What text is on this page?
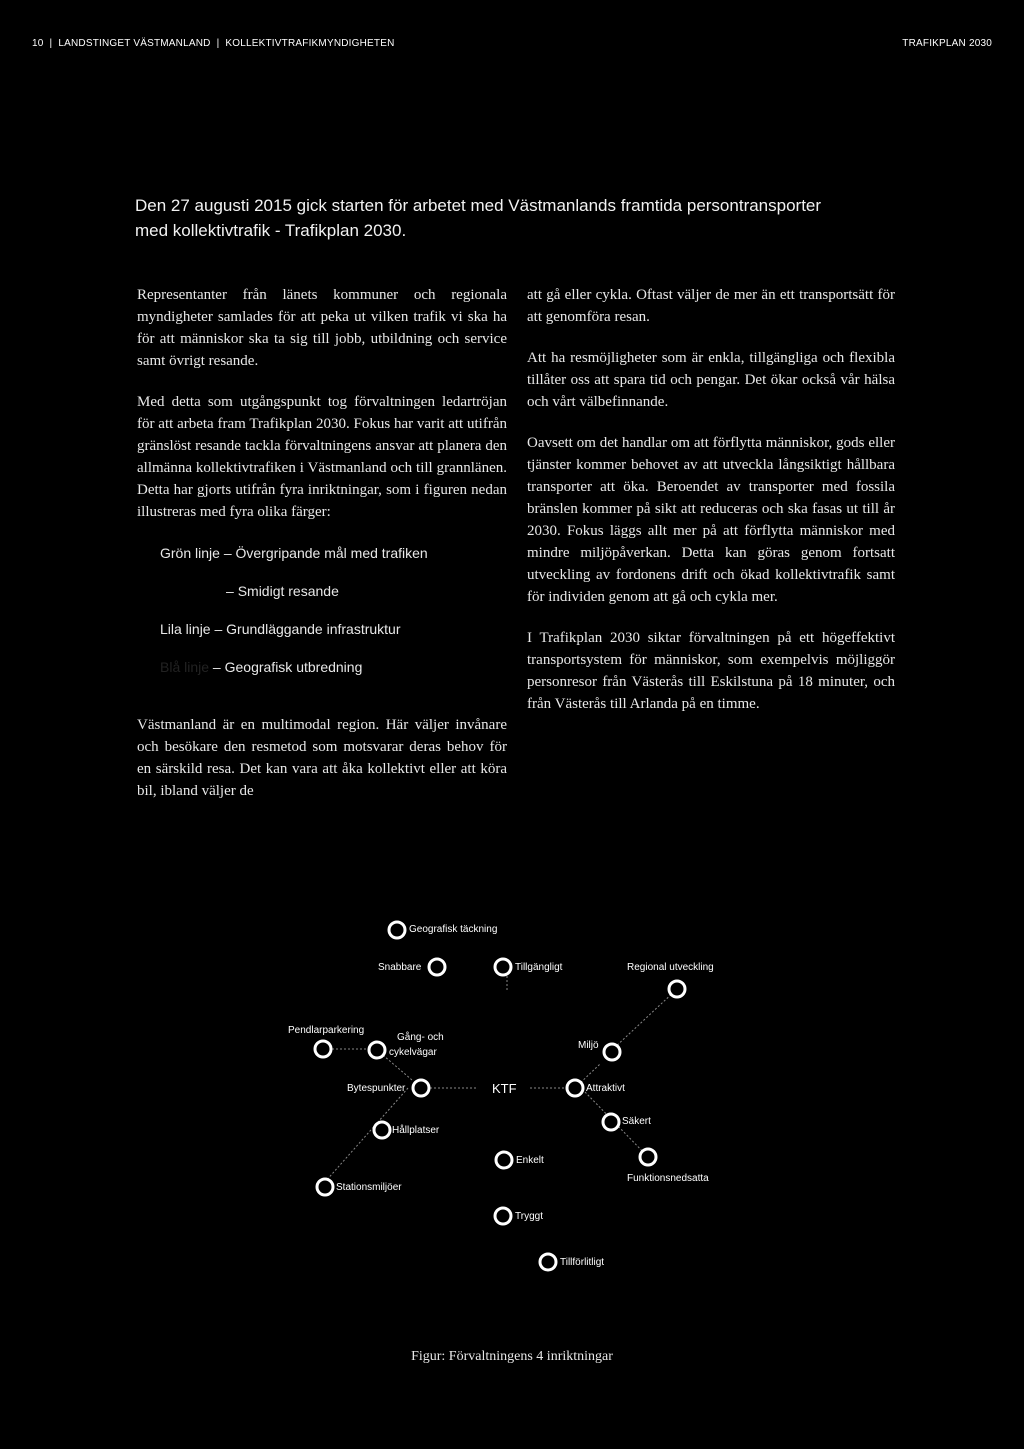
10 | LANDSTINGET VÄSTMANLAND | KOLLEKTIVTRAFIKMYNDIGHETEN	TRAFIKPLAN 2030
Den 27 augusti 2015 gick starten för arbetet med Västmanlands framtida persontransporter med kollektivtrafik - Trafikplan 2030.

Representanter från länets kommuner och regionala myndigheter samlades för att peka ut vilken trafik vi ska ha för att människor ska ta sig till jobb, utbildning och service samt övrigt resande.

Med detta som utgångspunkt tog förvaltningen ledartröjan för att arbeta fram Trafikplan 2030. Fokus har varit att utifrån gränslöst resande tackla förvaltningens ansvar att planera den allmänna kollektivtrafiken i Västmanland och till grannlänen. Detta har gjorts utifrån fyra inriktningar, som i figuren nedan illustreras med fyra olika färger:

Grön linje – Övergripande mål med trafiken
– Smidigt resande
Lila linje – Grundläggande infrastruktur
Blå linje – Geografisk utbredning

Västmanland är en multimodal region. Här väljer invånare och besökare den resmetod som motsvarar deras behov för en särskild resa. Det kan vara att åka kollektivt eller att köra bil, ibland väljer de

att gå eller cykla. Oftast väljer de mer än ett transportsätt för att genomföra resan.

Att ha resmöjligheter som är enkla, tillgängliga och flexibla tillåter oss att spara tid och pengar. Det ökar också vår hälsa och vårt välbefinnande.

Oavsett om det handlar om att förflytta människor, gods eller tjänster kommer behovet av att utveckla långsiktigt hållbara transporter att öka. Beroendet av transporter med fossila bränslen kommer på sikt att reduceras och ska fasas ut till år 2030. Fokus läggs allt mer på att förflytta människor med mindre miljöpåverkan. Detta kan göras genom fortsatt utveckling av fordonens drift och ökad kollektivtrafik samt för individen genom att gå och cykla mer.

I Trafikplan 2030 siktar förvaltningen på ett högeffektivt transportsystem för människor, som exempelvis möjliggör personresor från Västerås till Eskilstuna på 18 minuter, och från Västerås till Arlanda på en timme.

Geografisk täckning
Snabbare	Tillgängligt	Regional utveckling
Pendlarparkering
Gång- och
cykelvägar
Miljö
Bytespunkter	Attraktivt
Säkert
Hållplatser
Enkelt
Funktionsnedsatta
Stationsmiljöer
Tryggt
Tillförlitligt
KTF
Figur: Förvaltningens 4 inriktningar
